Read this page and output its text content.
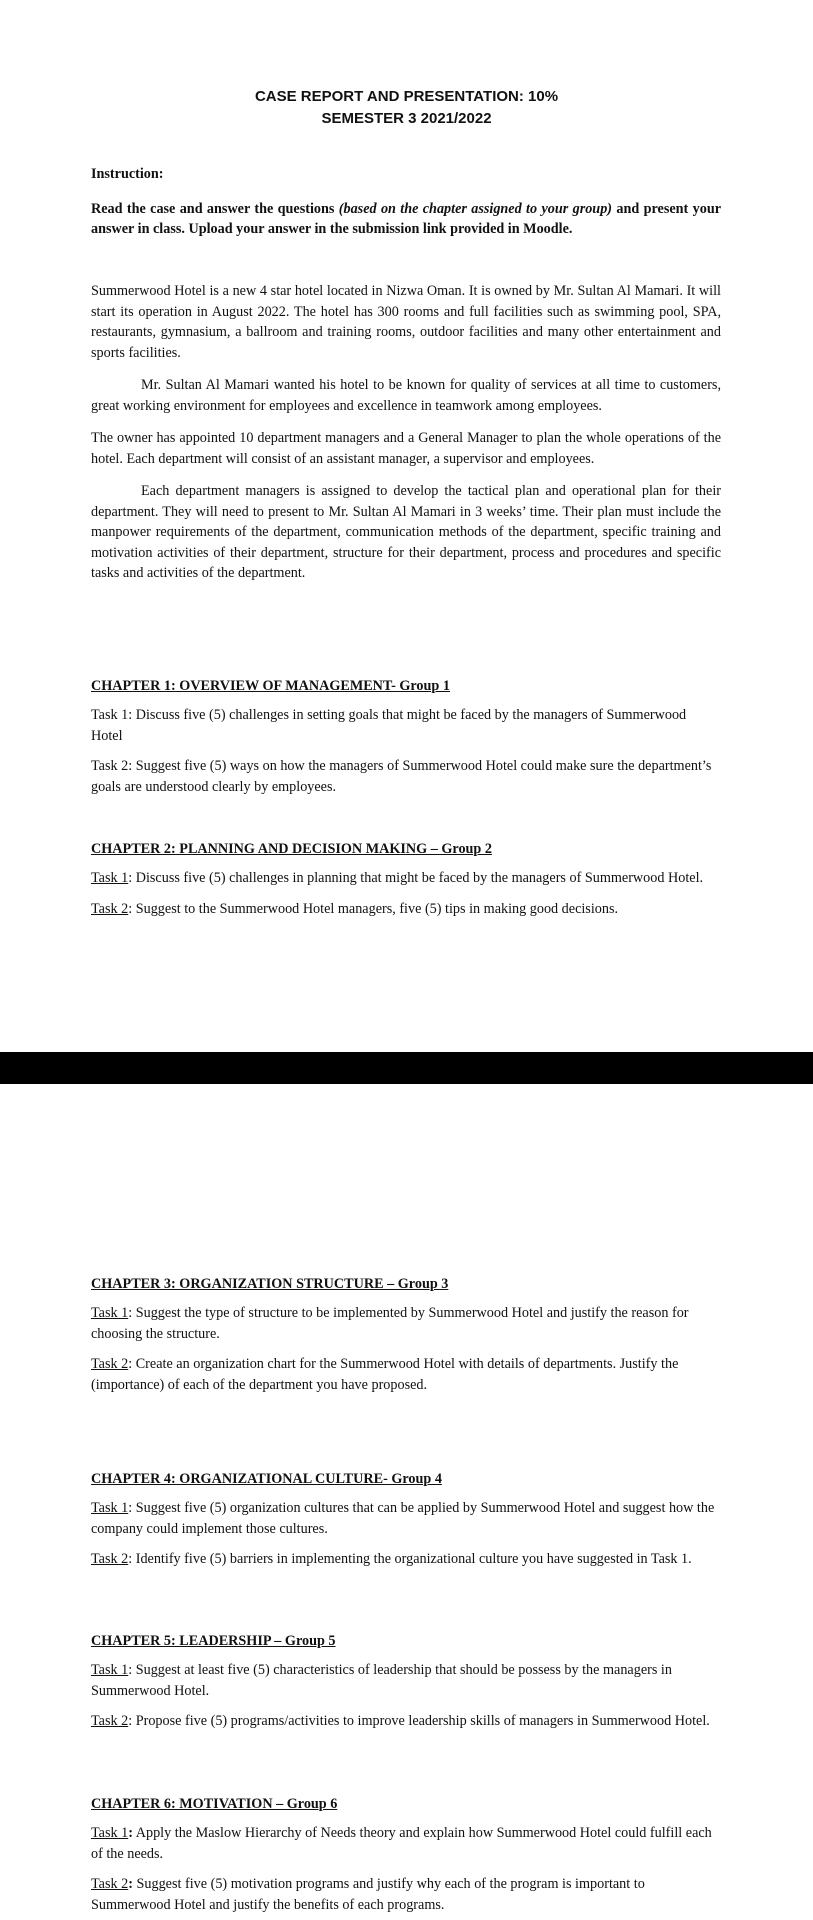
CASE REPORT AND PRESENTATION: 10%
SEMESTER 3 2021/2022

Instruction:

Read the case and answer the questions (based on the chapter assigned to your group) and present your answer in class. Upload your answer in the submission link provided in Moodle.

Summerwood Hotel is a new 4 star hotel located in Nizwa Oman. It is owned by Mr. Sultan Al Mamari. It will start its operation in August 2022. The hotel has 300 rooms and full facilities such as swimming pool, SPA, restaurants, gymnasium, a ballroom and training rooms, outdoor facilities and many other entertainment and sports facilities.

Mr. Sultan Al Mamari wanted his hotel to be known for quality of services at all time to customers, great working environment for employees and excellence in teamwork among employees.

The owner has appointed 10 department managers and a General Manager to plan the whole operations of the hotel. Each department will consist of an assistant manager, a supervisor and employees.

Each department managers is assigned to develop the tactical plan and operational plan for their department. They will need to present to Mr. Sultan Al Mamari in 3 weeks’ time. Their plan must include the manpower requirements of the department, communication methods of the department, specific training and motivation activities of their department, structure for their department, process and procedures and specific tasks and activities of the department.

CHAPTER 1: OVERVIEW OF MANAGEMENT- Group 1

Task 1: Discuss five (5) challenges in setting goals that might be faced by the managers of Summerwood Hotel

Task 2: Suggest five (5) ways on how the managers of Summerwood Hotel could make sure the department’s goals are understood clearly by employees.

CHAPTER 2: PLANNING AND DECISION MAKING – Group 2

Task 1: Discuss five (5) challenges in planning that might be faced by the managers of Summerwood Hotel.

Task 2: Suggest to the Summerwood Hotel managers, five (5) tips in making good decisions.

CHAPTER 3: ORGANIZATION STRUCTURE – Group 3

Task 1: Suggest the type of structure to be implemented by Summerwood Hotel and justify the reason for choosing the structure.

Task 2: Create an organization chart for the Summerwood Hotel with details of departments. Justify the (importance) of each of the department you have proposed.

CHAPTER 4: ORGANIZATIONAL CULTURE- Group 4

Task 1: Suggest five (5) organization cultures that can be applied by Summerwood Hotel and suggest how the company could implement those cultures.

Task 2: Identify five (5) barriers in implementing the organizational culture you have suggested in Task 1.

CHAPTER 5: LEADERSHIP – Group 5

Task 1: Suggest at least five (5) characteristics of leadership that should be possess by the managers in Summerwood Hotel.

Task 2: Propose five (5) programs/activities to improve leadership skills of managers in Summerwood Hotel.

CHAPTER 6: MOTIVATION – Group 6

Task 1: Apply the Maslow Hierarchy of Needs theory and explain how Summerwood Hotel could fulfill each of the needs.

Task 2: Suggest five (5) motivation programs and justify why each of the program is important to Summerwood Hotel and justify the benefits of each programs.
